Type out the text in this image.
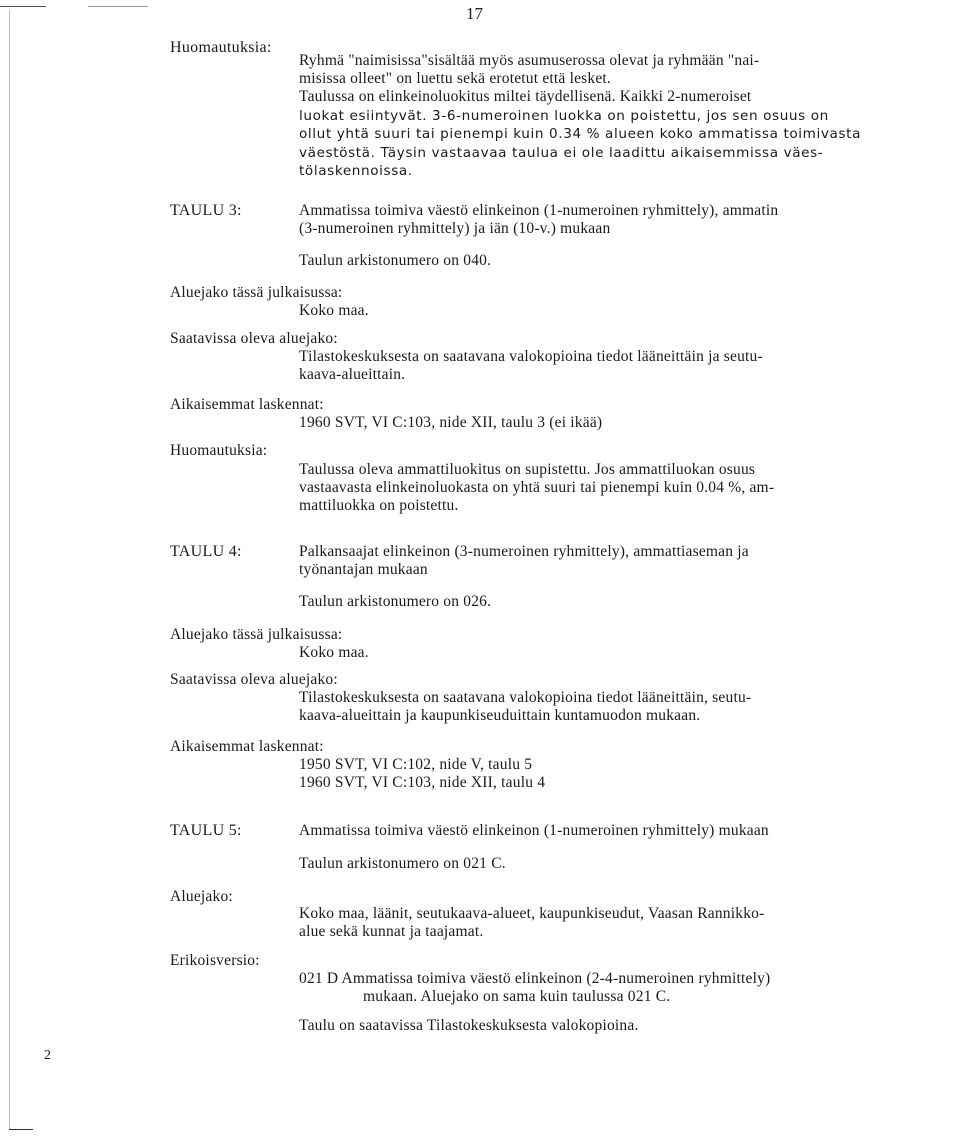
17
Huomautuksia:
Ryhmä "naimisissa"sisältää myös asumuserossa olevat ja ryhmään "nai-
misissa olleet" on luettu sekä erotetut että lesket.
Taulussa on elinkeinoluokitus miltei täydellisenä. Kaikki 2-numeroiset
luokat esiintyvät. 3-6-numeroinen luokka on poistettu, jos sen osuus on
ollut yhtä suuri tai pienempi kuin 0.34 % alueen koko ammatissa toimivasta
väestöstä. Täysin vastaavaa taulua ei ole laadittu aikaisemmissa väes-
tölaskennoissa.
TAULU 3:	Ammatissa toimiva väestö elinkeinon (1-numeroinen ryhmittely), ammatin
(3-numeroinen ryhmittely) ja iän (10-v.) mukaan
Taulun arkistonumero on 040.
Aluejako tässä julkaisussa:
Koko maa.
Saatavissa oleva aluejako:
Tilastokeskuksesta on saatavana valokopioina tiedot lääneittäin ja seutu-
kaava-alueittain.
Aikaisemmat laskennat:
1960 SVT, VI C:103, nide XII, taulu 3 (ei ikää)
Huomautuksia:
Taulussa oleva ammattiluokitus on supistettu. Jos ammattiluokan osuus
vastaavasta elinkeinoluokasta on yhtä suuri tai pienempi kuin 0.04 %, am-
mattiluokka on poistettu.
TAULU 4:	Palkansaajat elinkeinon (3-numeroinen ryhmittely), ammattiaseman ja
työnantajan mukaan
Taulun arkistonumero on 026.
Aluejako tässä julkaisussa:
Koko maa.
Saatavissa oleva aluejako:
Tilastokeskuksesta on saatavana valokopioina tiedot lääneittäin, seutu-
kaava-alueittain ja kaupunkiseuduittain kuntamuodon mukaan.
Aikaisemmat laskennat:
1950 SVT, VI C:102, nide V, taulu 5
1960 SVT, VI C:103, nide XII, taulu 4
TAULU 5:	Ammatissa toimiva väestö elinkeinon (1-numeroinen ryhmittely) mukaan
Taulun arkistonumero on 021 C.
Aluejako:
Koko maa, läänit, seutukaava-alueet, kaupunkiseudut, Vaasan Rannikko-
alue sekä kunnat ja taajamat.
Erikoisversio:
021 D Ammatissa toimiva väestö elinkeinon (2-4-numeroinen ryhmittely)
mukaan. Aluejako on sama kuin taulussa 021 C.
Taulu on saatavissa Tilastokeskuksesta valokopioina.
2
